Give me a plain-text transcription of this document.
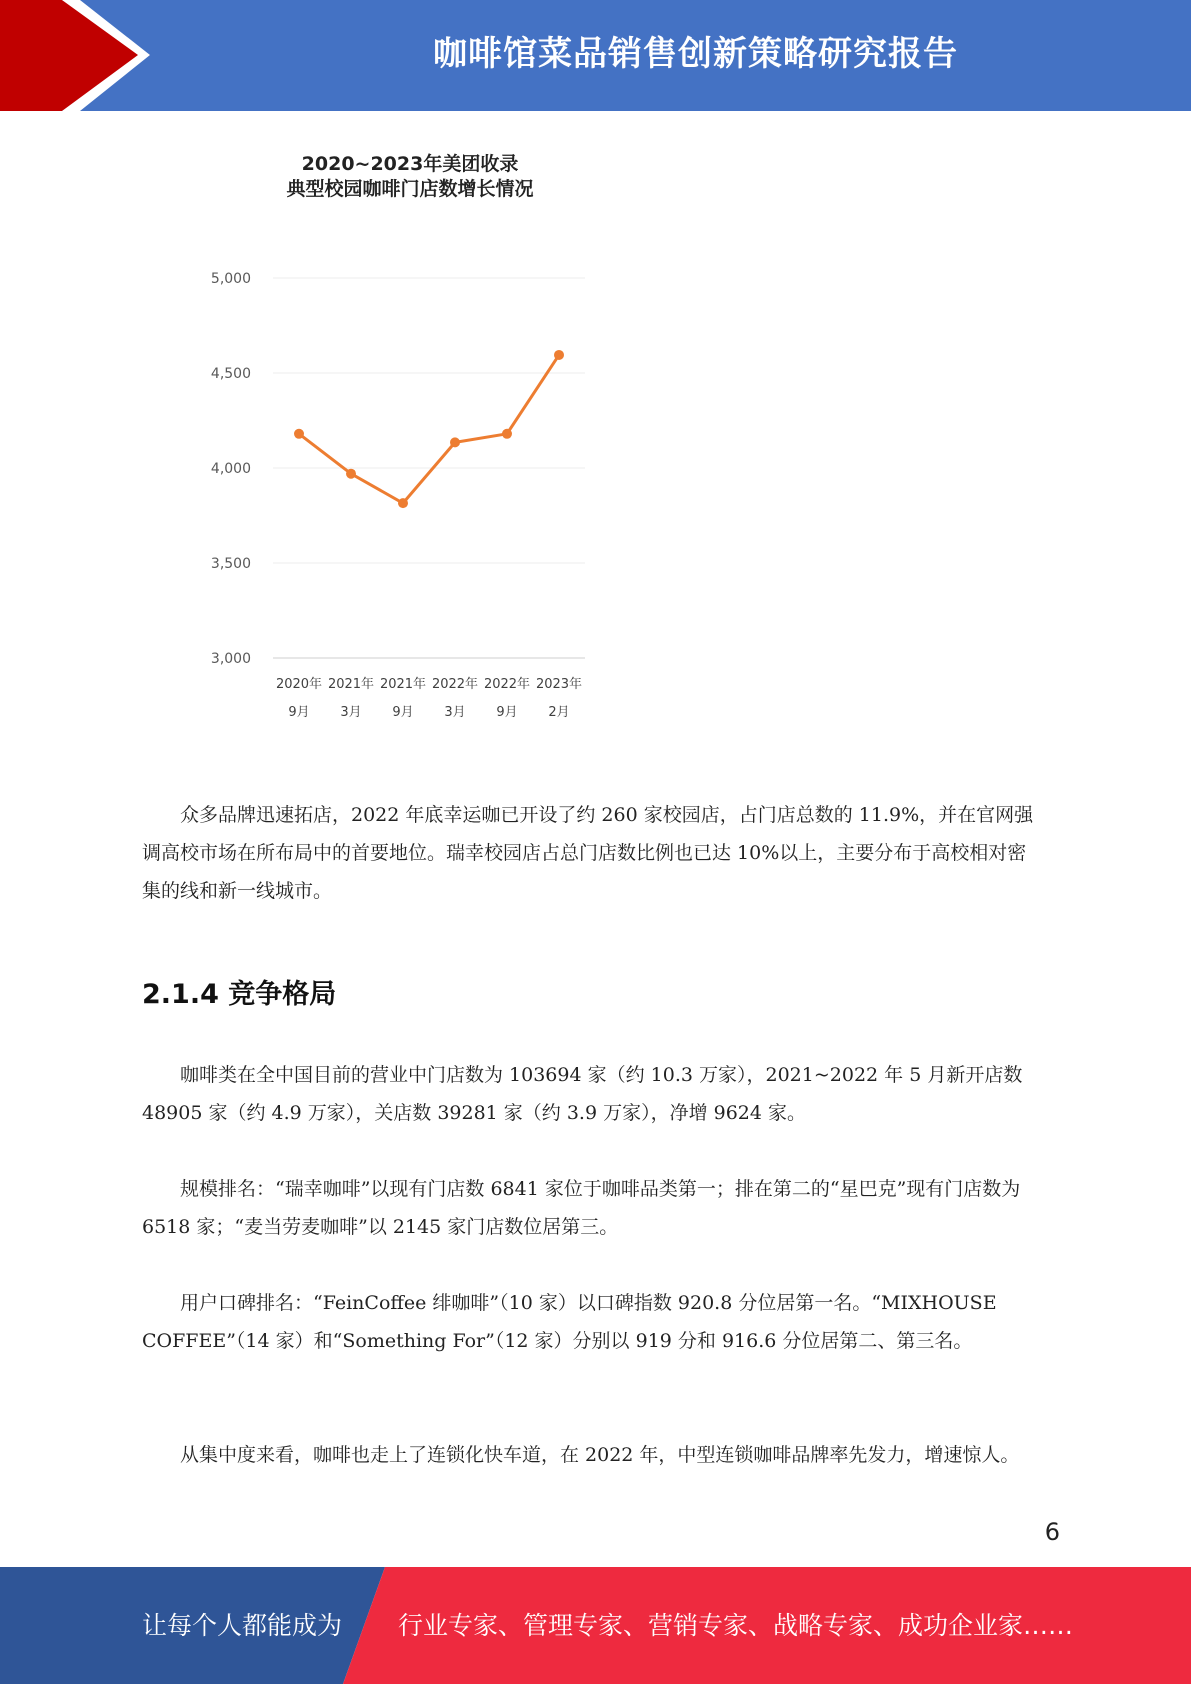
咖啡馆菜品销售创新策略研究报告
3,000
3,500
4,000
4,500
5,000
2020年
9月
2021年
3月
2021年
9月
2022年
3月
2022年
9月
2023年
2月
2020~2023年美团收录
典型校园咖啡门店数增长情况

众多品牌迅速拓店，2022 年底幸运咖已开设了约 260 家校园店，占门店总数的 11.9%，并在官网强调高校市场在所布局中的首要地位。瑞幸校园店占总门店数比例也已达 10%以上，主要分布于高校相对密集的线和新一线城市。

2.1.4 竞争格局

咖啡类在全中国目前的营业中门店数为 103694 家（约 10.3 万家），2021~2022 年 5 月新开店数 48905 家（约 4.9 万家），关店数 39281 家（约 3.9 万家），净增 9624 家。

规模排名：“瑞幸咖啡”以现有门店数 6841 家位于咖啡品类第一；排在第二的“星巴克”现有门店数为 6518 家；“麦当劳麦咖啡”以 2145 家门店数位居第三。

用户口碑排名：“FeinCoffee 绯咖啡”（10 家）以口碑指数 920.8 分位居第一名。“MIXHOUSE COFFEE”（14 家）和“Something For”（12 家）分别以 919 分和 916.6 分位居第二、第三名。

从集中度来看，咖啡也走上了连锁化快车道，在 2022 年，中型连锁咖啡品牌率先发力，增速惊人。

6
让每个人都能成为 行业专家、管理专家、营销专家、战略专家、成功企业家……
